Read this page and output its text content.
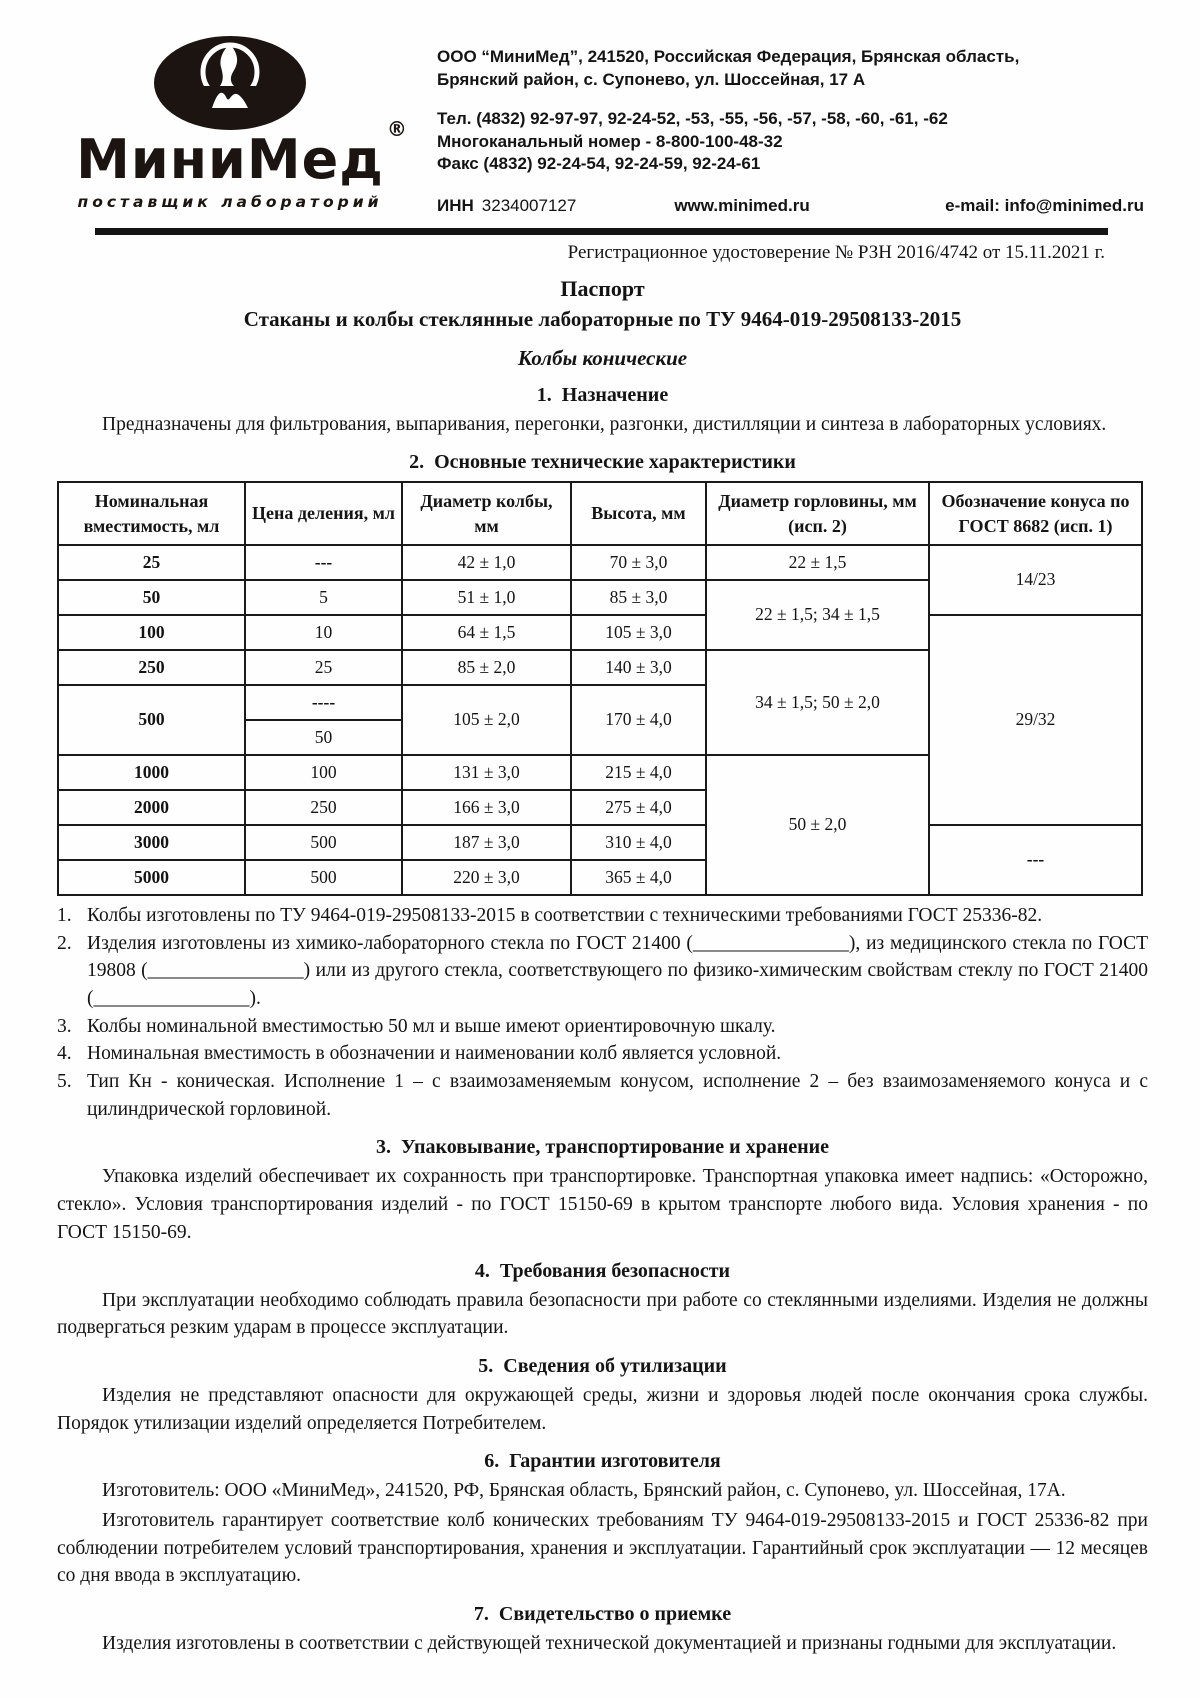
МиниМед ®
поставщик лабораторий
ООО “МиниМед”, 241520, Российская Федерация, Брянская область,
Брянский район, с. Супонево, ул. Шоссейная, 17 А
Тел. (4832) 92-97-97, 92-24-52, -53, -55, -56, -57, -58, -60, -61, -62
Многоканальный номер - 8-800-100-48-32
Факс (4832) 92-24-54, 92-24-59, 92-24-61
ИНН 3234007127	www.minimed.ru	e-mail: info@minimed.ru
Регистрационное удостоверение № РЗН 2016/4742 от 15.11.2021 г.
Паспорт
Стаканы и колбы стеклянные лабораторные по ТУ 9464-019-29508133-2015
Колбы конические
1.  Назначение
Предназначены для фильтрования, выпаривания, перегонки, разгонки, дистилляции и синтеза в лабораторных условиях.
2.  Основные технические характеристики
Номинальная вместимость, мл	Цена деления, мл	Диаметр колбы, мм	Высота, мм	Диаметр горловины, мм (исп. 2)	Обозначение конуса по ГОСТ 8682 (исп. 1)
25	---	42 ± 1,0	70 ± 3,0	22 ± 1,5	14/23
50	5	51 ± 1,0	85 ± 3,0	22 ± 1,5; 34 ± 1,5	
100	10	64 ± 1,5	105 ± 3,0		29/32
250	25	85 ± 2,0	140 ± 3,0	34 ± 1,5; 50 ± 2,0	
500	----	105 ± 2,0	170 ± 4,0		
	50				
1000	100	131 ± 3,0	215 ± 4,0	50 ± 2,0	
2000	250	166 ± 3,0	275 ± 4,0		
3000	500	187 ± 3,0	310 ± 4,0		---
5000	500	220 ± 3,0	365 ± 4,0		
1. Колбы изготовлены по ТУ 9464-019-29508133-2015 в соответствии с техническими требованиями ГОСТ 25336-82.
2. Изделия изготовлены из химико-лабораторного стекла по ГОСТ 21400 (________________), из медицинского стекла по ГОСТ 19808 (________________) или из другого стекла, соответствующего по физико-химическим свойствам стеклу по ГОСТ 21400 (________________).
3. Колбы номинальной вместимостью 50 мл и выше имеют ориентировочную шкалу.
4. Номинальная вместимость в обозначении и наименовании колб является условной.
5. Тип Кн - коническая. Исполнение 1 – с взаимозаменяемым конусом, исполнение 2 – без взаимозаменяемого конуса и с цилиндрической горловиной.
3.  Упаковывание, транспортирование и хранение
Упаковка изделий обеспечивает их сохранность при транспортировке. Транспортная упаковка имеет надпись: «Осторожно, стекло». Условия транспортирования изделий - по ГОСТ 15150-69 в крытом транспорте любого вида. Условия хранения - по ГОСТ 15150-69.
4.  Требования безопасности
При эксплуатации необходимо соблюдать правила безопасности при работе со стеклянными изделиями. Изделия не должны подвергаться резким ударам в процессе эксплуатации.
5.  Сведения об утилизации
Изделия не представляют опасности для окружающей среды, жизни и здоровья людей после окончания срока службы. Порядок утилизации изделий определяется Потребителем.
6.  Гарантии изготовителя
Изготовитель: ООО «МиниМед», 241520, РФ, Брянская область, Брянский район, с. Супонево, ул. Шоссейная, 17А.
Изготовитель гарантирует соответствие колб конических требованиям ТУ 9464-019-29508133-2015 и ГОСТ 25336-82 при соблюдении потребителем условий транспортирования, хранения и эксплуатации. Гарантийный срок эксплуатации — 12 месяцев со дня ввода в эксплуатацию.
7.  Свидетельство о приемке
Изделия изготовлены в соответствии с действующей технической документацией и признаны годными для эксплуатации.
